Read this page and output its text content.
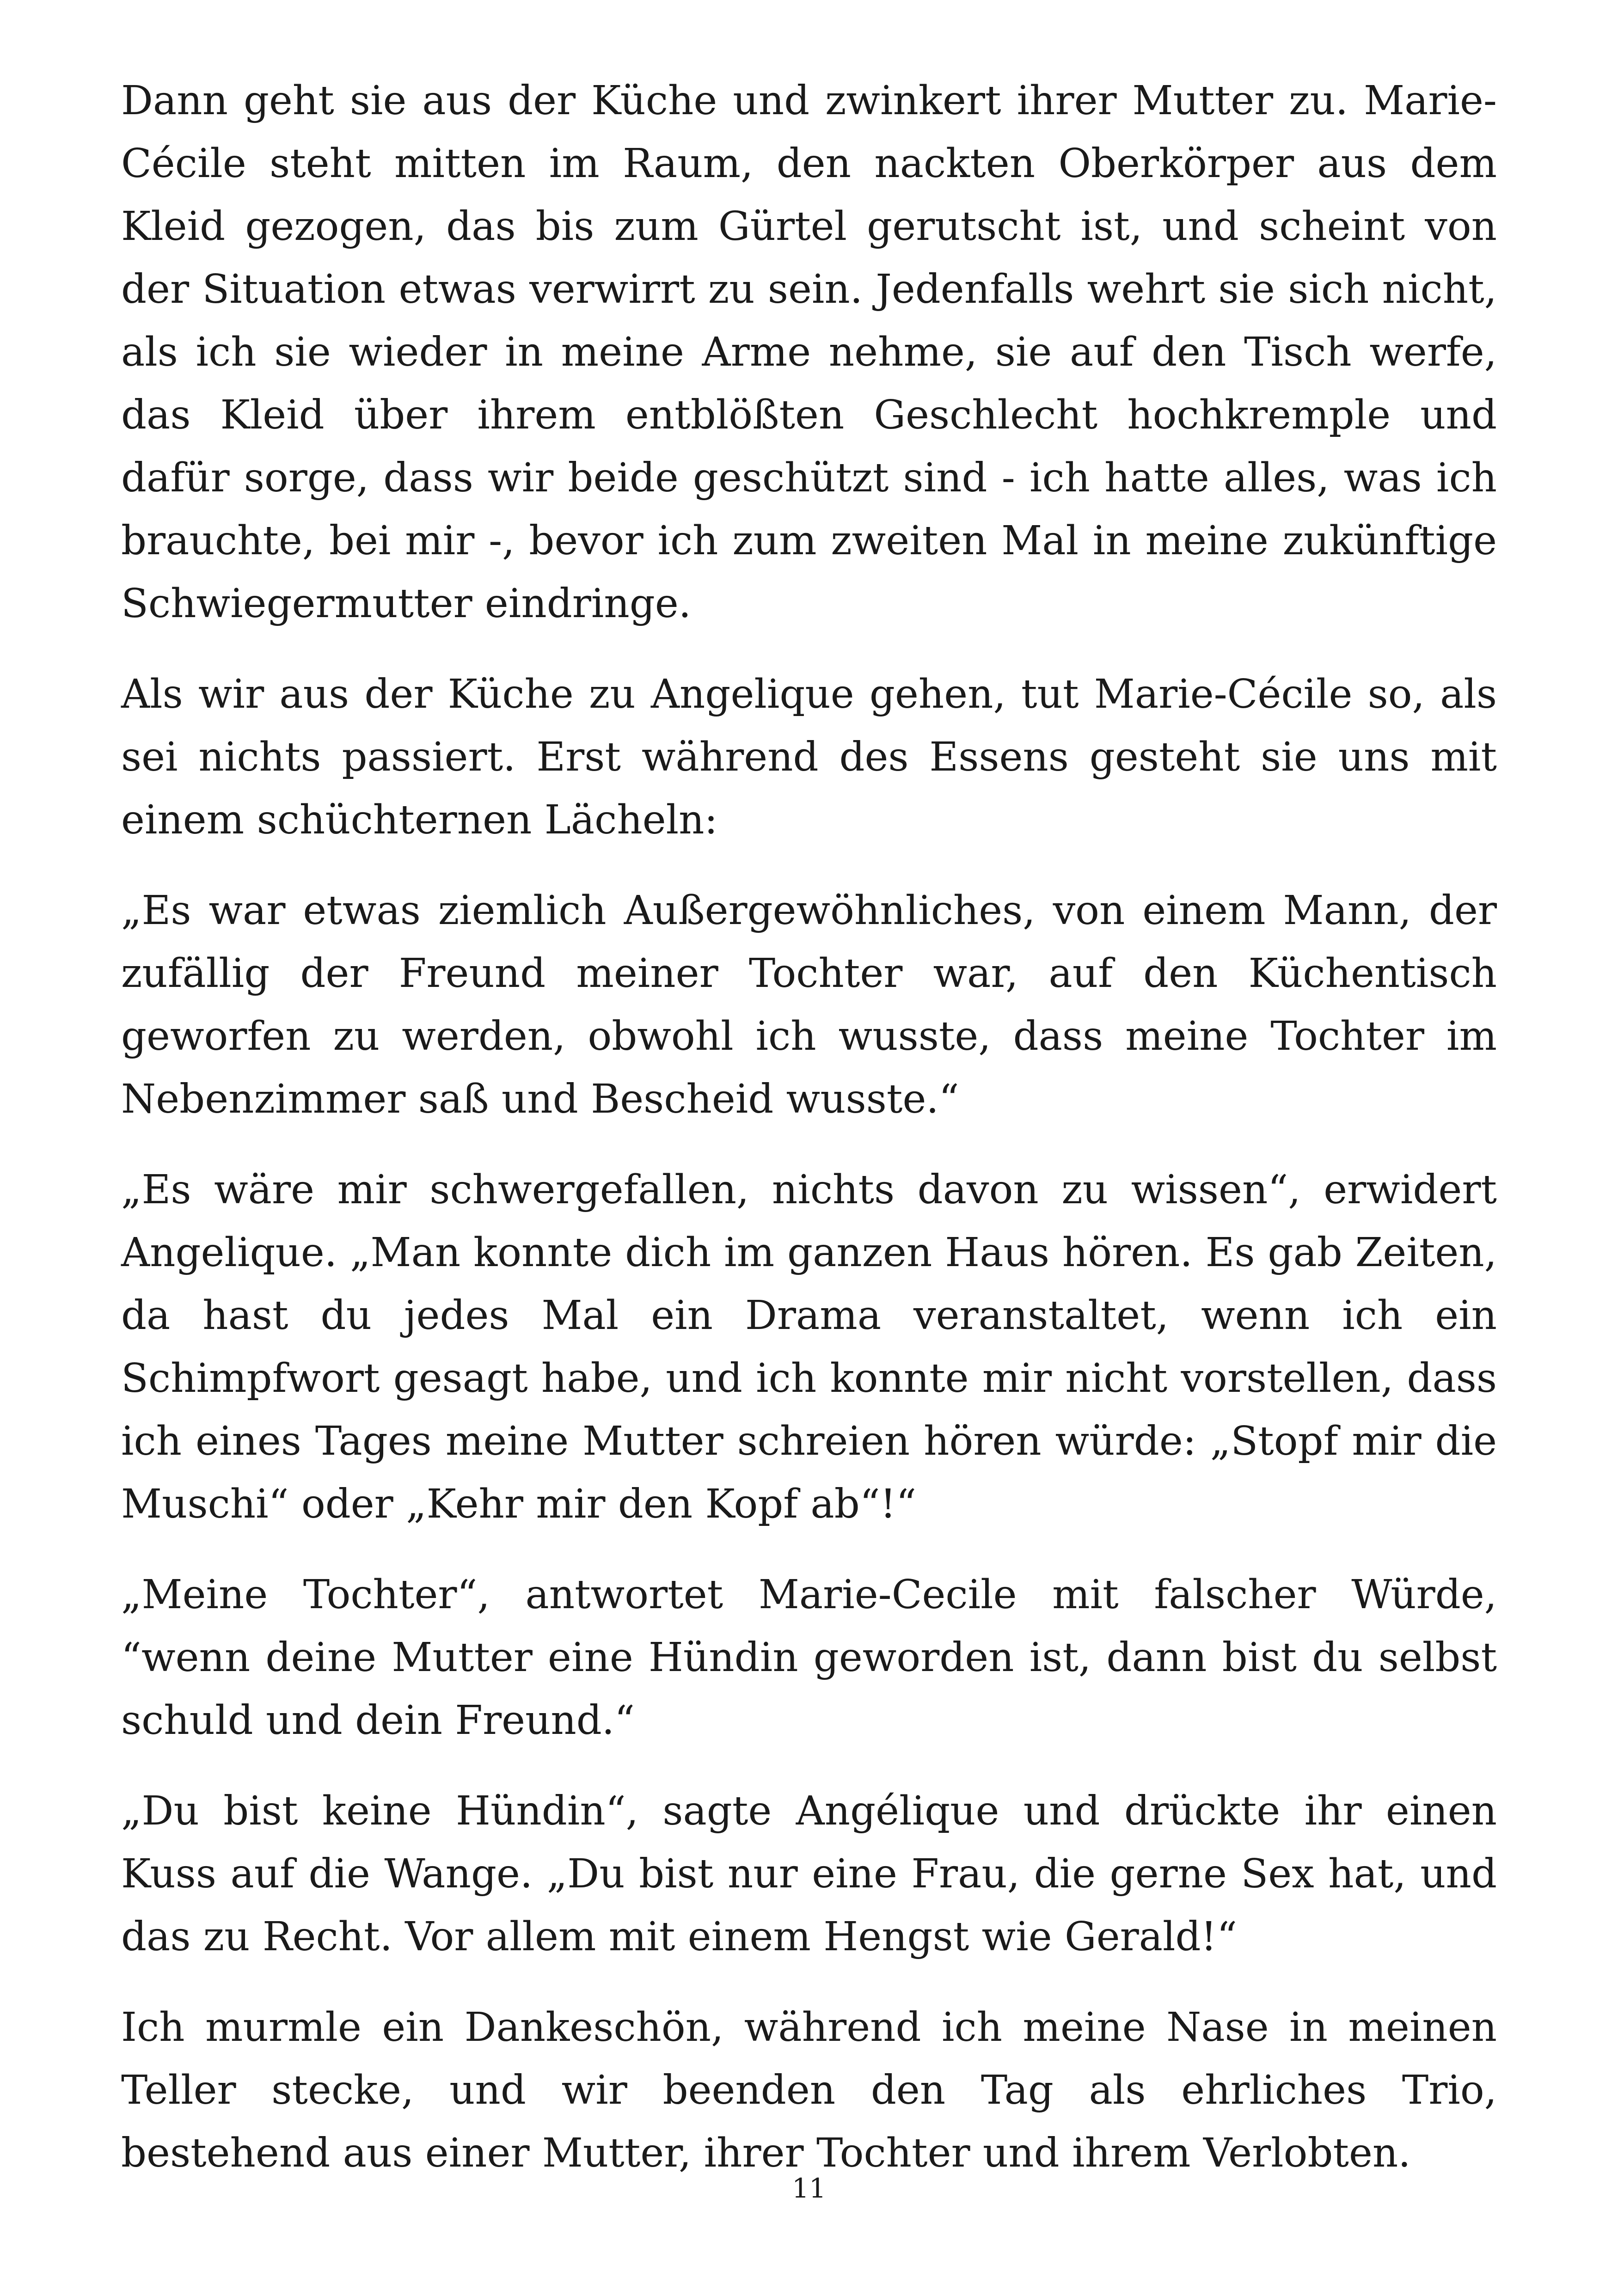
Dann geht sie aus der Küche und zwinkert ihrer Mutter zu. Marie-Cécile steht mitten im Raum, den nackten Oberkörper aus dem Kleid gezogen, das bis zum Gürtel gerutscht ist, und scheint von der Situation etwas verwirrt zu sein. Jedenfalls wehrt sie sich nicht, als ich sie wieder in meine Arme nehme, sie auf den Tisch werfe, das Kleid über ihrem entblößten Geschlecht hochkremple und dafür sorge, dass wir beide geschützt sind - ich hatte alles, was ich brauchte, bei mir -, bevor ich zum zweiten Mal in meine zukünftige Schwiegermutter eindringe.

Als wir aus der Küche zu Angelique gehen, tut Marie-Cécile so, als sei nichts passiert. Erst während des Essens gesteht sie uns mit einem schüchternen Lächeln:

„Es war etwas ziemlich Außergewöhnliches, von einem Mann, der zufällig der Freund meiner Tochter war, auf den Küchentisch geworfen zu werden, obwohl ich wusste, dass meine Tochter im Nebenzimmer saß und Bescheid wusste.“

„Es wäre mir schwergefallen, nichts davon zu wissen“, erwidert Angelique. „Man konnte dich im ganzen Haus hören. Es gab Zeiten, da hast du jedes Mal ein Drama veranstaltet, wenn ich ein Schimpfwort gesagt habe, und ich konnte mir nicht vorstellen, dass ich eines Tages meine Mutter schreien hören würde: „Stopf mir die Muschi“ oder „Kehr mir den Kopf ab“!“

„Meine Tochter“, antwortet Marie-Cecile mit falscher Würde, “wenn deine Mutter eine Hündin geworden ist, dann bist du selbst schuld und dein Freund.“

„Du bist keine Hündin“, sagte Angélique und drückte ihr einen Kuss auf die Wange. „Du bist nur eine Frau, die gerne Sex hat, und das zu Recht. Vor allem mit einem Hengst wie Gerald!“

Ich murmle ein Dankeschön, während ich meine Nase in meinen Teller stecke, und wir beenden den Tag als ehrliches Trio, bestehend aus einer Mutter, ihrer Tochter und ihrem Verlobten.

11
